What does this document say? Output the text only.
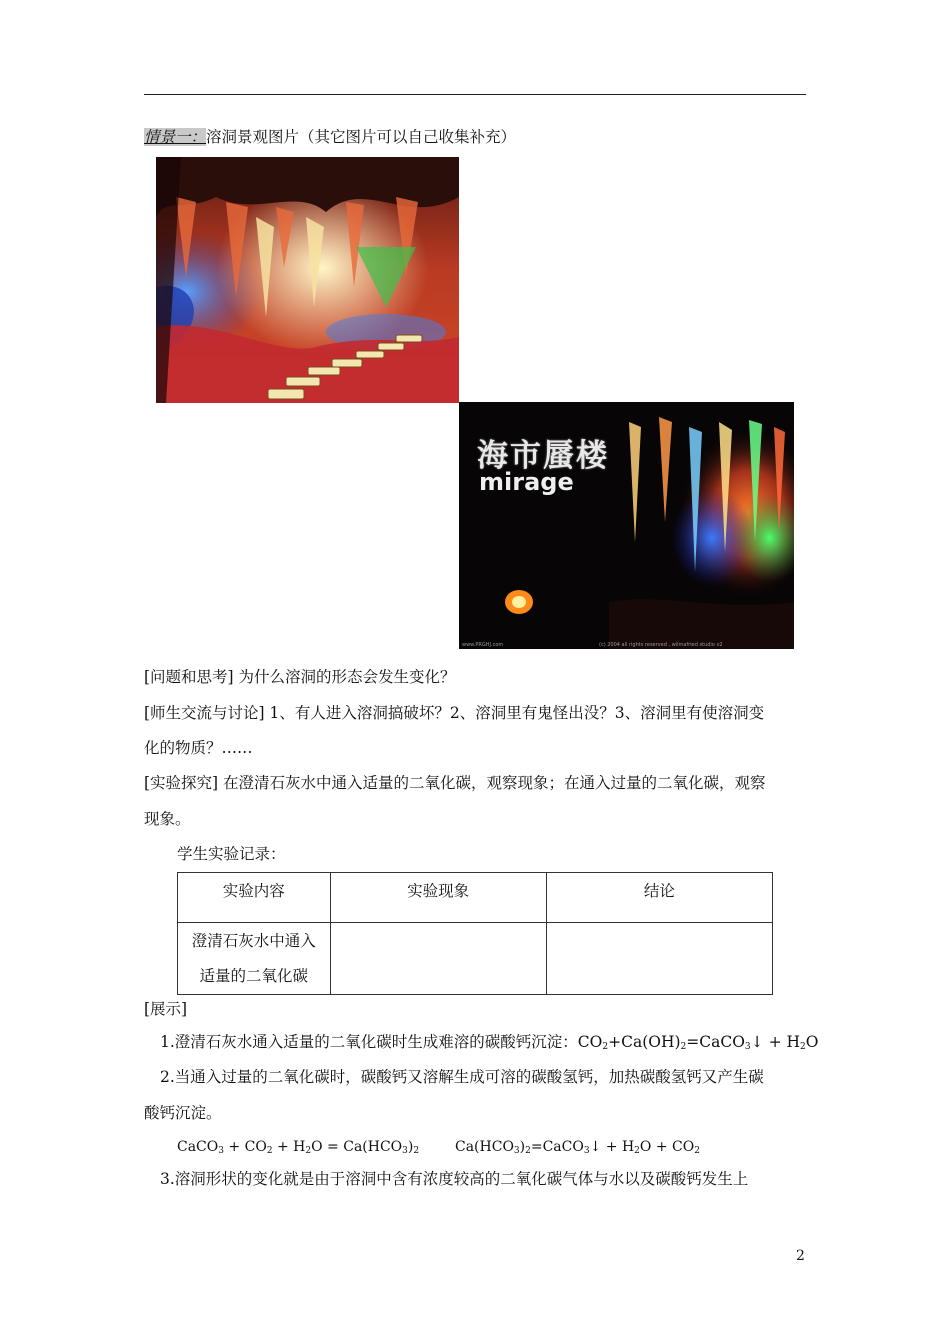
情景一：溶洞景观图片（其它图片可以自己收集补充）
海市蜃楼
mirage
www.PRGHJ.com	(c) 2004 all rights reserved , wilmafried studio v2
[问题和思考] 为什么溶洞的形态会发生变化？
[师生交流与讨论] 1、有人进入溶洞搞破坏？2、溶洞里有鬼怪出没？3、溶洞里有使溶洞变
化的物质？……
[实验探究] 在澄清石灰水中通入适量的二氧化碳，观察现象；在通入过量的二氧化碳，观察
现象。
学生实验记录：
实验内容	实验现象	结论

澄清石灰水中通入
适量的二氧化碳		

[展示]
1.澄清石灰水通入适量的二氧化碳时生成难溶的碳酸钙沉淀：$CO_2+Ca(OH)_2=CaCO_3↓ + H_2O$
2.当通入过量的二氧化碳时，碳酸钙又溶解生成可溶的碳酸氢钙，加热碳酸氢钙又产生碳
酸钙沉淀。
CaCO$_3$ + $CO_2 + H_2O = Ca(HCO_3)_2$	$Ca(HCO_3)_2=CaCO_3↓ + H_2O + CO_2$
3.溶洞形状的变化就是由于溶洞中含有浓度较高的二氧化碳气体与水以及碳酸钙发生上
2
